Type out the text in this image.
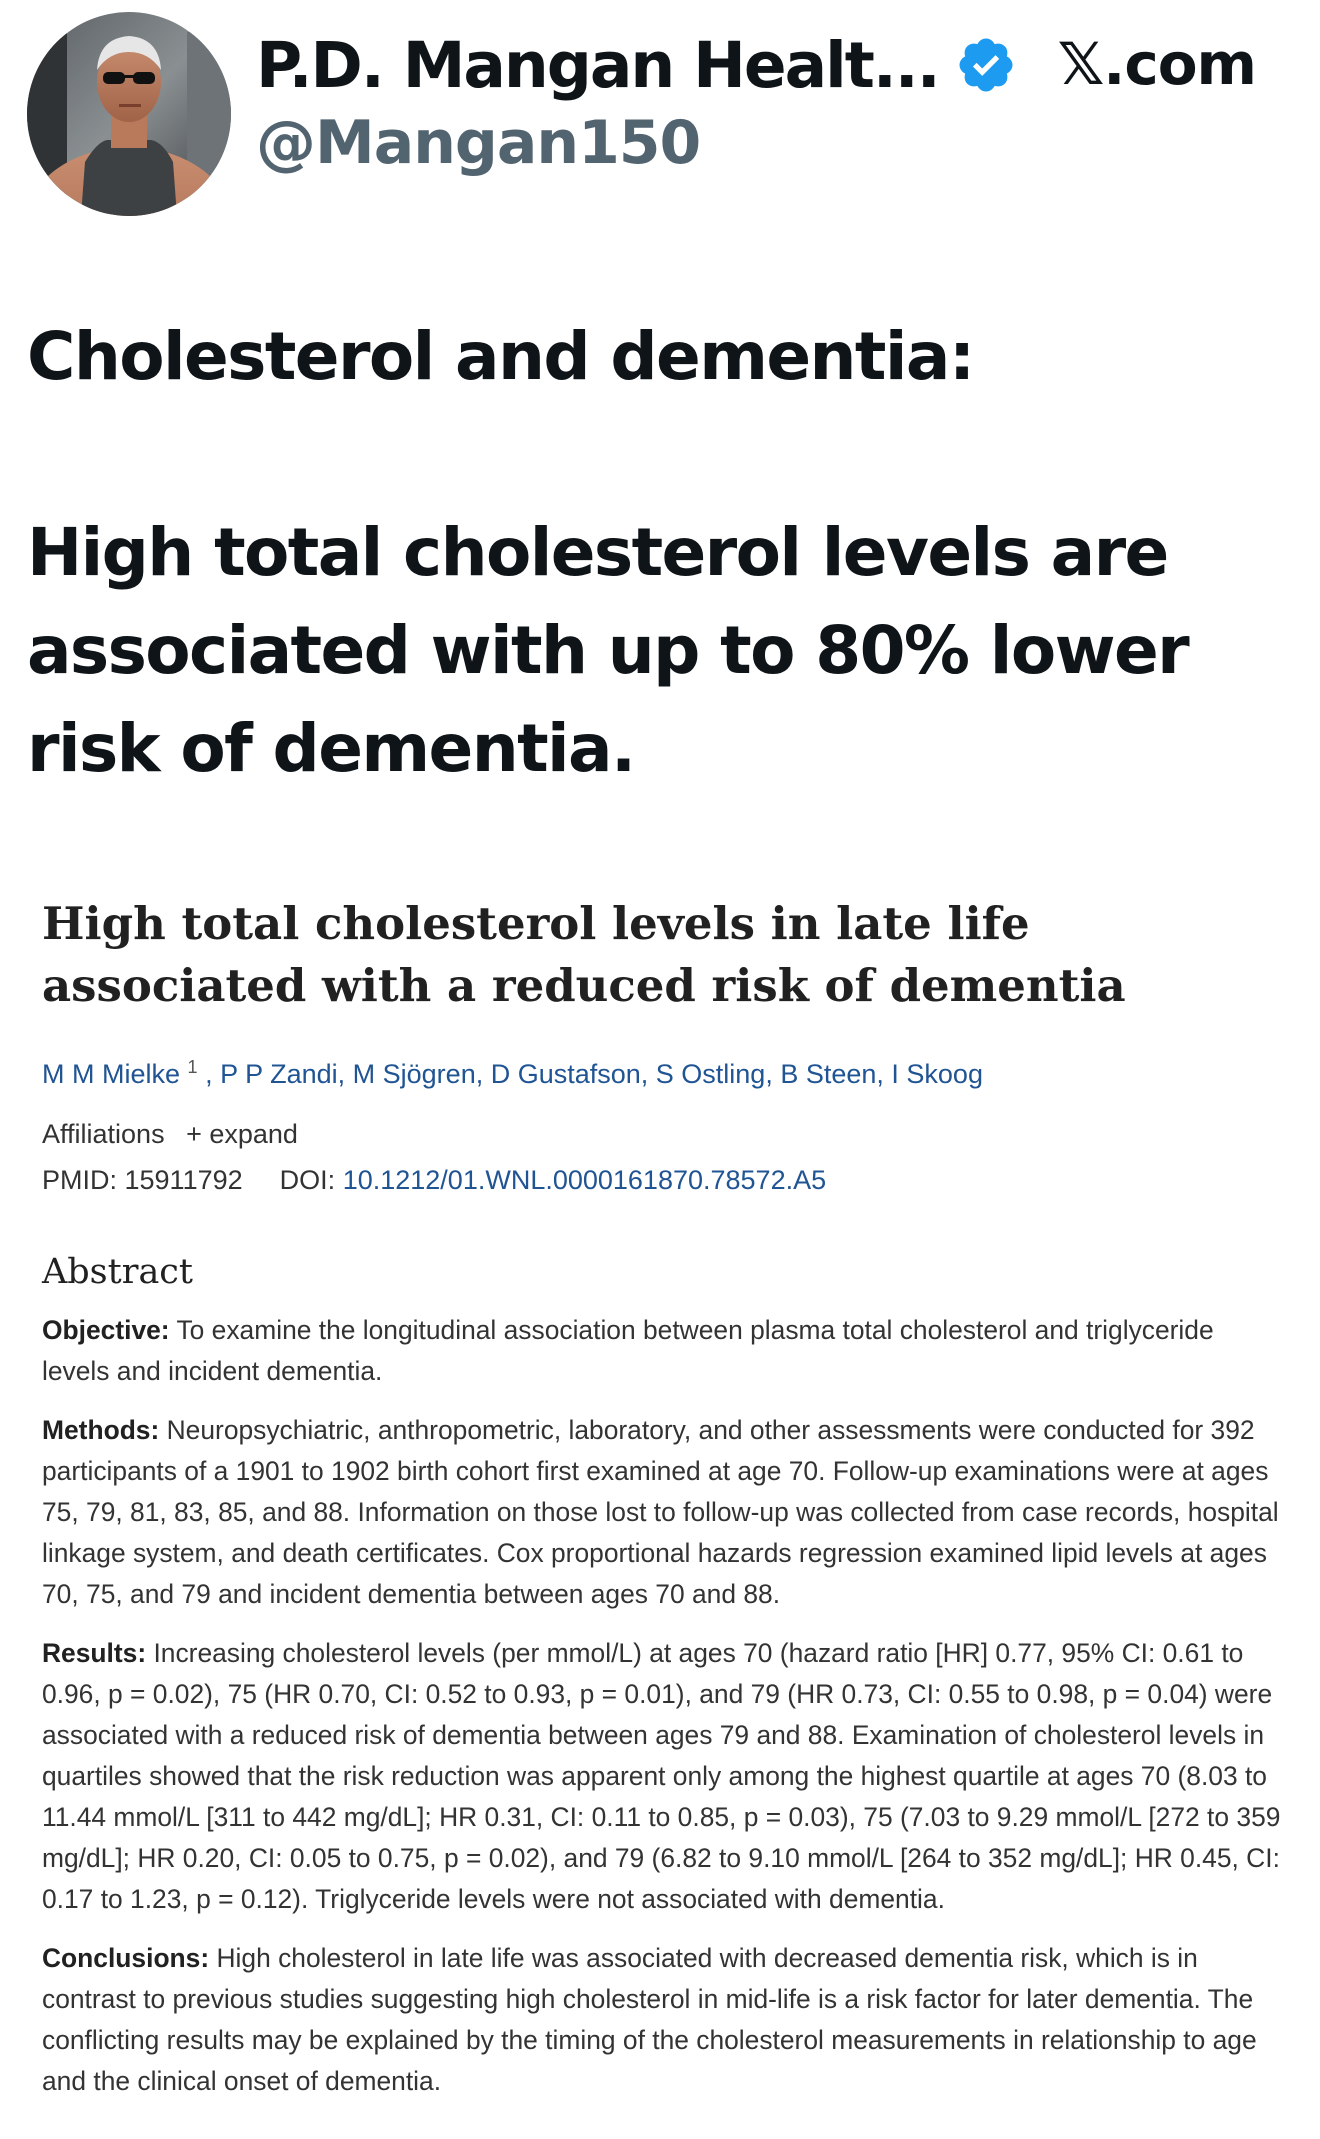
P.D. Mangan Healt...
@Mangan150
𝕏.com
Cholesterol and dementia:
High total cholesterol levels are associated with up to 80% lower risk of dementia.
High total cholesterol levels in late life associated with a reduced risk of dementia
M M Mielke $^1$ , P P Zandi, M Sjögren, D Gustafson, S Ostling, B Steen, I Skoog
Affiliations + expand
PMID: 15911792 DOI: 10.1212/01.WNL.0000161870.78572.A5
Abstract
Objective: To examine the longitudinal association between plasma total cholesterol and triglyceride levels and incident dementia.
Methods: Neuropsychiatric, anthropometric, laboratory, and other assessments were conducted for 392 participants of a 1901 to 1902 birth cohort first examined at age 70. Follow-up examinations were at ages 75, 79, 81, 83, 85, and 88. Information on those lost to follow-up was collected from case records, hospital linkage system, and death certificates. Cox proportional hazards regression examined lipid levels at ages 70, 75, and 79 and incident dementia between ages 70 and 88.
Results: Increasing cholesterol levels (per mmol/L) at ages 70 (hazard ratio [HR] 0.77, 95% CI: 0.61 to 0.96, p = 0.02), 75 (HR 0.70, CI: 0.52 to 0.93, p = 0.01), and 79 (HR 0.73, CI: 0.55 to 0.98, p = 0.04) were associated with a reduced risk of dementia between ages 79 and 88. Examination of cholesterol levels in quartiles showed that the risk reduction was apparent only among the highest quartile at ages 70 (8.03 to 11.44 mmol/L [311 to 442 mg/dL]; HR 0.31, CI: 0.11 to 0.85, p = 0.03), 75 (7.03 to 9.29 mmol/L [272 to 359 mg/dL]; HR 0.20, CI: 0.05 to 0.75, p = 0.02), and 79 (6.82 to 9.10 mmol/L [264 to 352 mg/dL]; HR 0.45, CI: 0.17 to 1.23, p = 0.12). Triglyceride levels were not associated with dementia.
Conclusions: High cholesterol in late life was associated with decreased dementia risk, which is in contrast to previous studies suggesting high cholesterol in mid-life is a risk factor for later dementia. The conflicting results may be explained by the timing of the cholesterol measurements in relationship to age and the clinical onset of dementia.
